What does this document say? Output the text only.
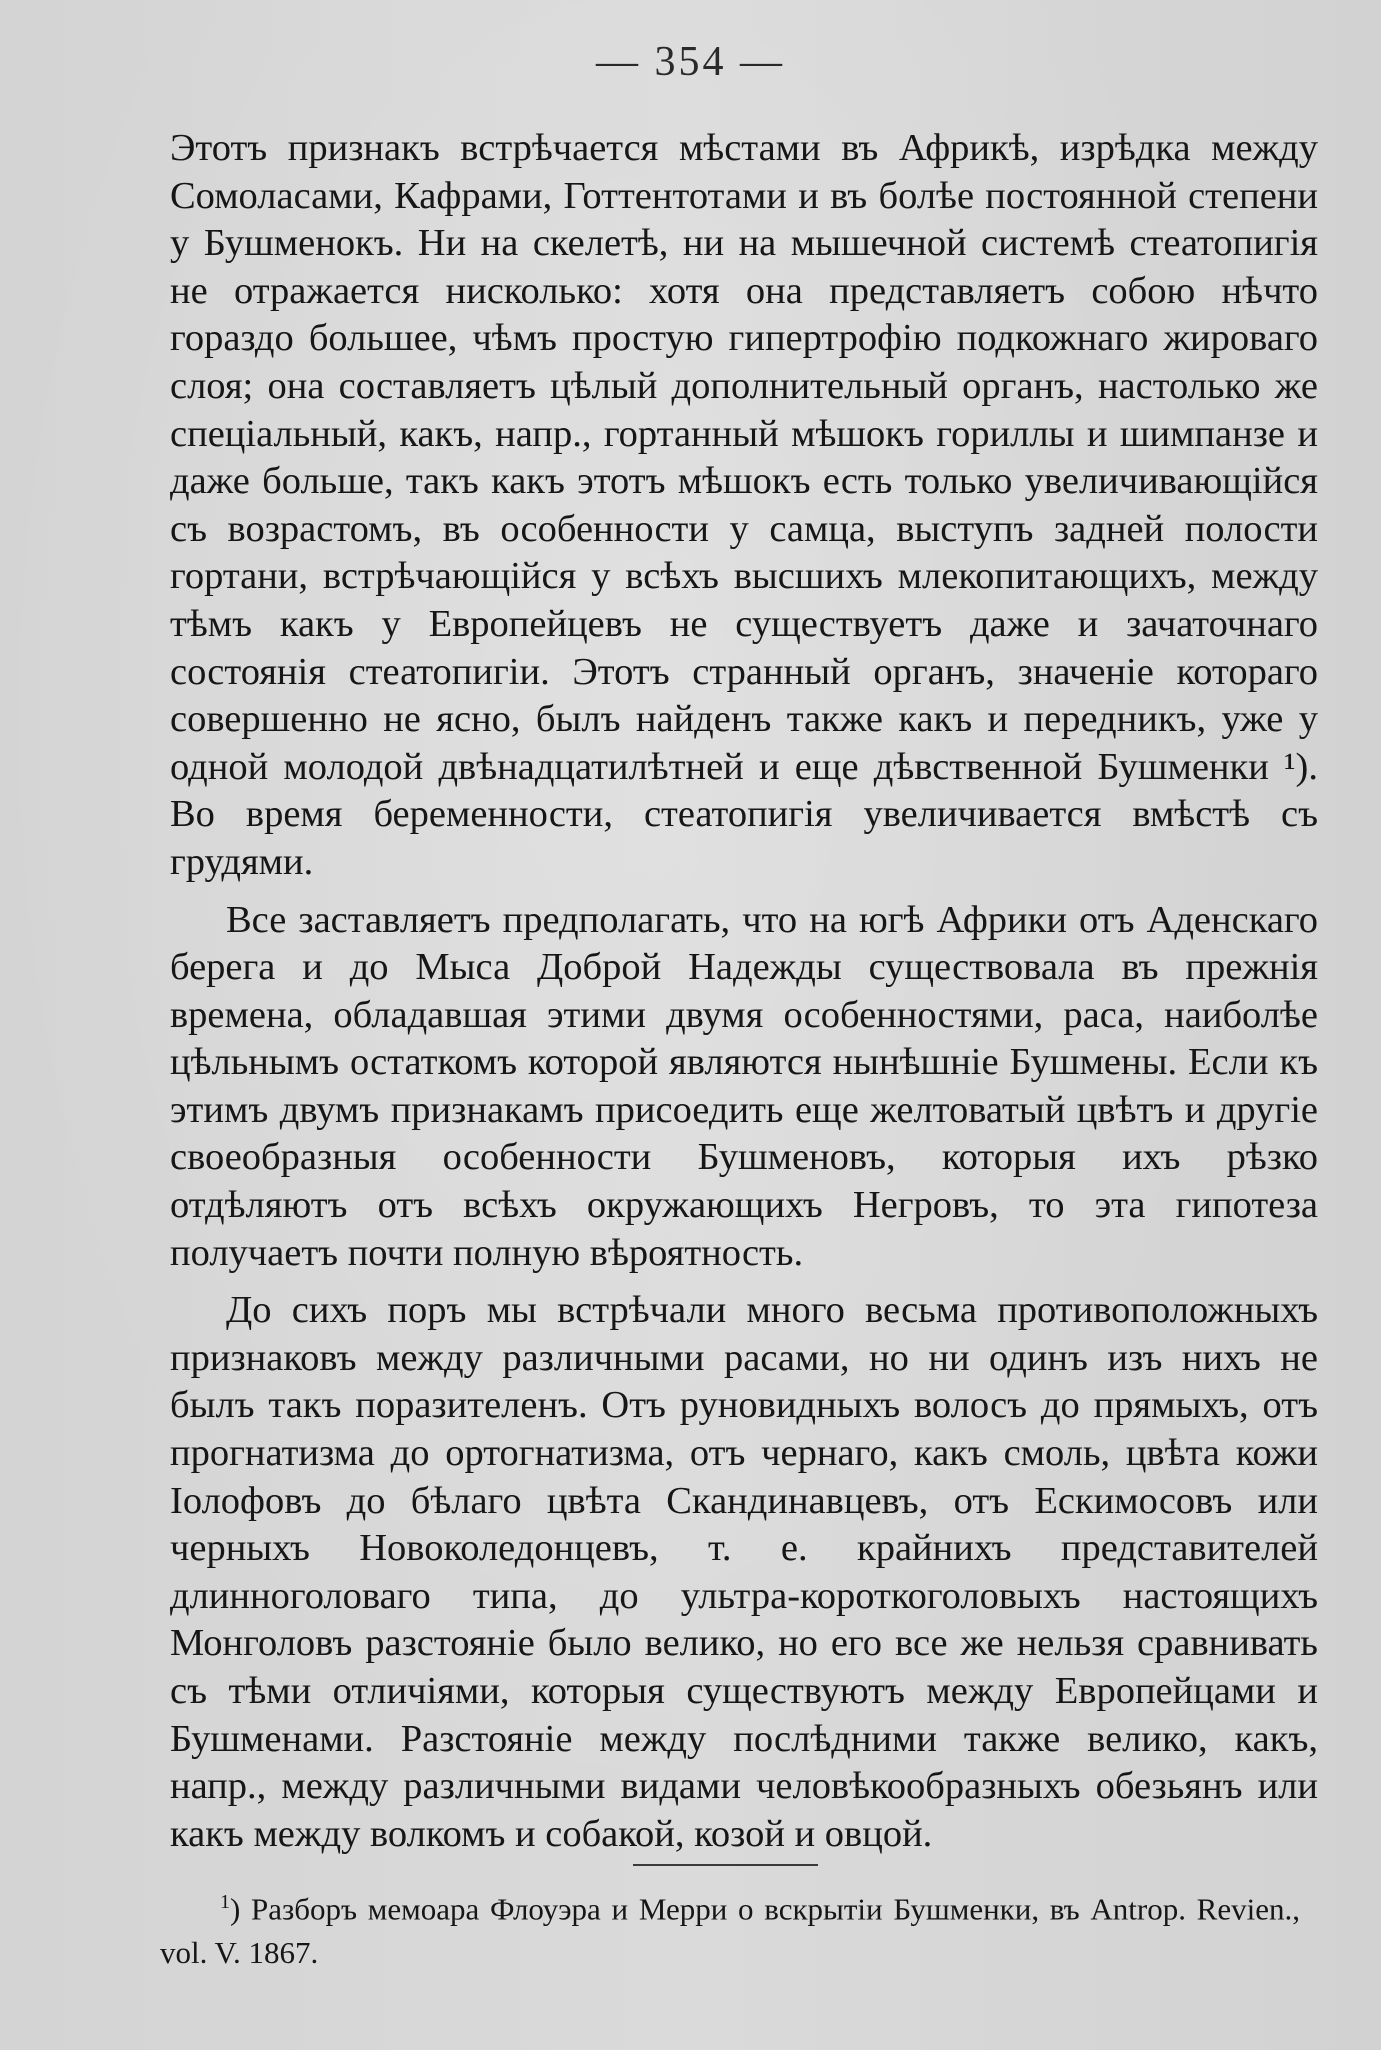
— 354 —

Этотъ признакъ встрѣчается мѣстами въ Африкѣ, изрѣдка между Сомоласами, Кафрами, Готтентотами и въ болѣе постоянной степени у Бушменокъ. Ни на скелетѣ, ни на мышечной системѣ стеатопигія не отражается нисколько: хотя она представляетъ собою нѣчто гораздо большее, чѣмъ простую гипертрофію подкожнаго жироваго слоя; она составляетъ цѣлый дополнительный органъ, настолько же спеціальный, какъ, напр., гортанный мѣшокъ гориллы и шимпанзе и даже больше, такъ какъ этотъ мѣшокъ есть только увеличивающійся съ возрастомъ, въ особенности у самца, выступъ задней полости гортани, встрѣчающійся у всѣхъ высшихъ млекопитающихъ, между тѣмъ какъ у Европейцевъ не существуетъ даже и зачаточнаго состоянія стеатопигіи. Этотъ странный органъ, значеніе котораго совершенно не ясно, былъ найденъ также какъ и передникъ, уже у одной молодой двѣнадцатилѣтней и еще дѣвственной Бушменки ¹). Во время беременности, стеатопигія увеличивается вмѣстѣ съ грудями.

Все заставляетъ предполагать, что на югѣ Африки отъ Аденскаго берега и до Мыса Доброй Надежды существовала въ прежнія времена, обладавшая этими двумя особенностями, раса, наиболѣе цѣльнымъ остаткомъ которой являются нынѣшніе Бушмены. Если къ этимъ двумъ признакамъ присоедить еще желтоватый цвѣтъ и другіе своеобразныя особенности Бушменовъ, которыя ихъ рѣзко отдѣляютъ отъ всѣхъ окружающихъ Негровъ, то эта гипотеза получаетъ почти полную вѣроятность.

До сихъ поръ мы встрѣчали много весьма противоположныхъ признаковъ между различными расами, но ни одинъ изъ нихъ не былъ такъ поразителенъ. Отъ руновидныхъ волосъ до прямыхъ, отъ прогнатизма до ортогнатизма, отъ чернаго, какъ смоль, цвѣта кожи Іолофовъ до бѣлаго цвѣта Скандинавцевъ, отъ Ескимосовъ или черныхъ Новоколедонцевъ, т. е. крайнихъ представителей длинноголоваго типа, до ультра-короткоголовыхъ настоящихъ Монголовъ разстояніе было велико, но его все же нельзя сравнивать съ тѣми отличіями, которыя существуютъ между Европейцами и Бушменами. Разстояніе между послѣдними также велико, какъ, напр., между различными видами человѣкообразныхъ обезьянъ или какъ между волкомъ и собакой, козой и овцой.

$^1$) Разборъ мемоара Флоуэра и Мерри о вскрытіи Бушменки, въ Antrop. Revien., vol. V. 1867.
